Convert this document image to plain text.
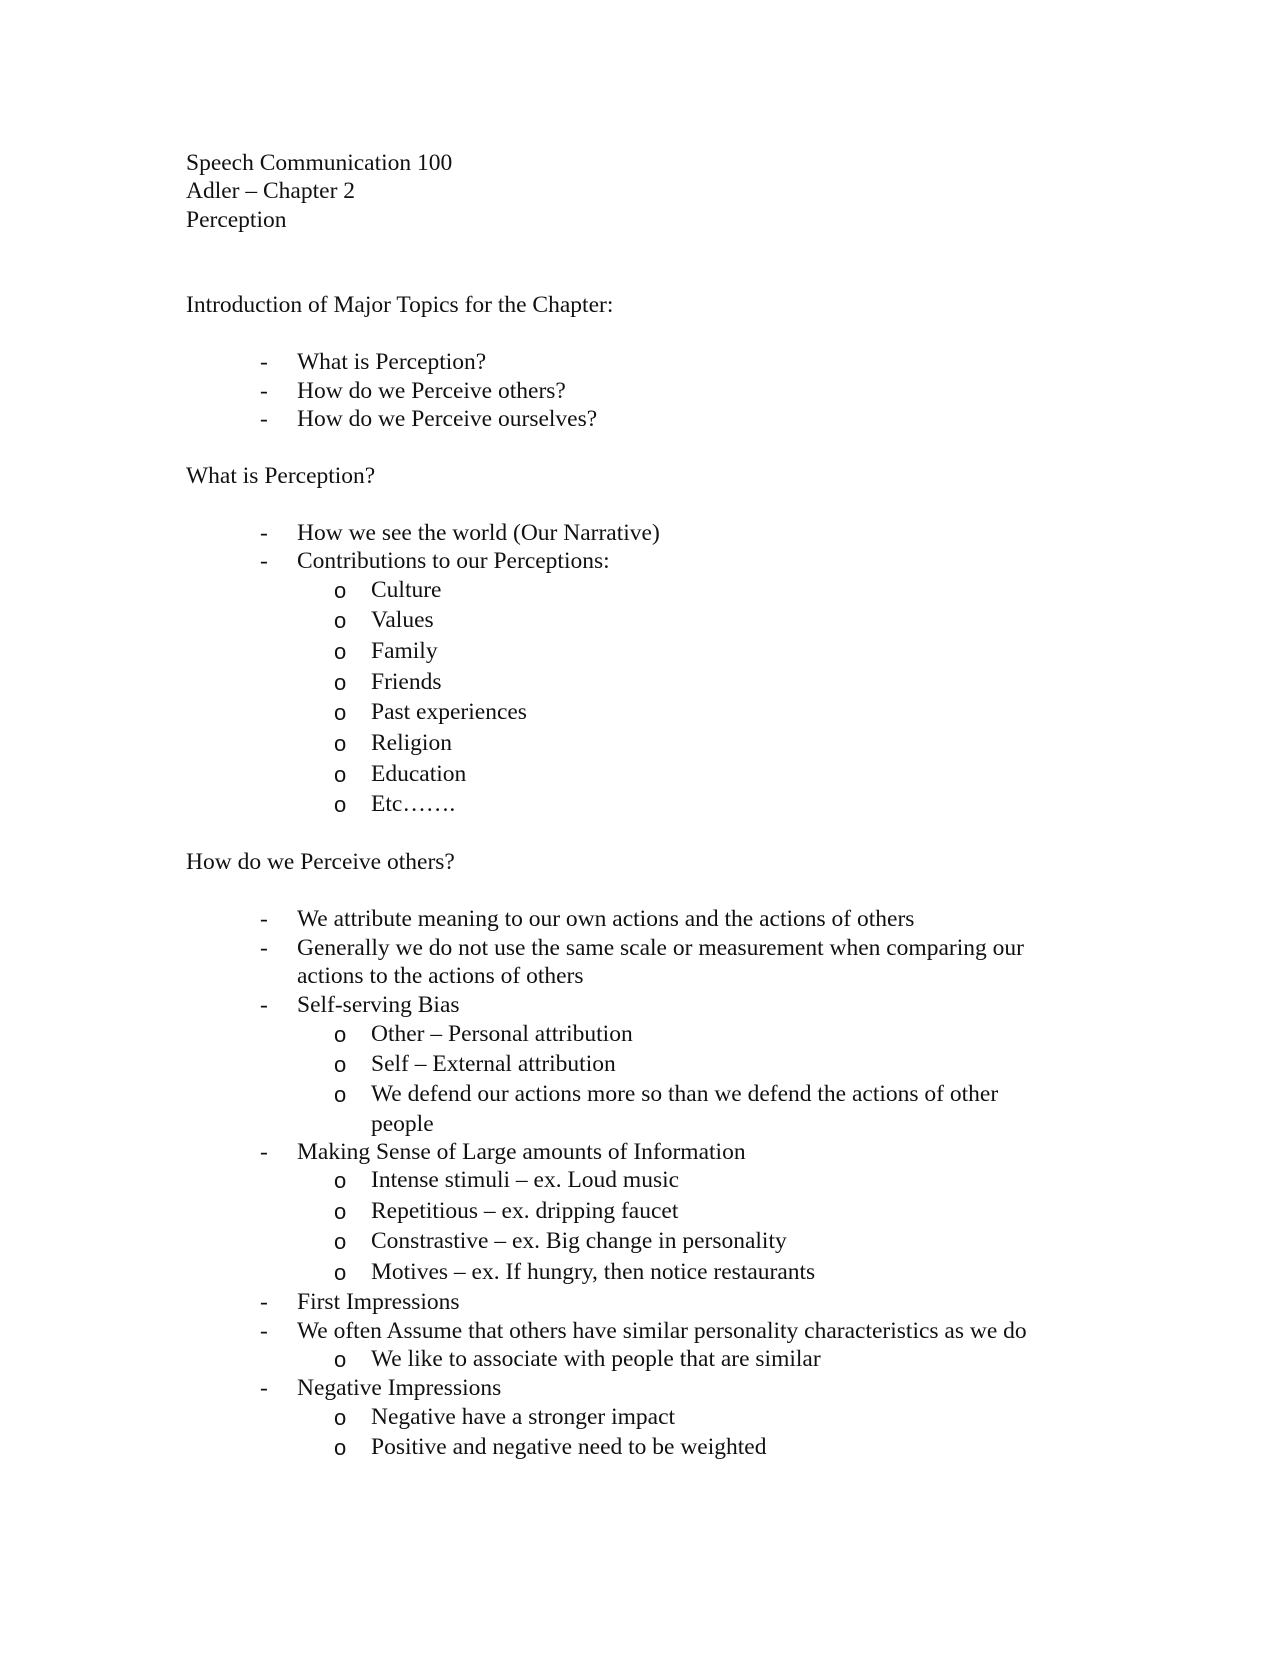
Speech Communication 100
Adler – Chapter 2
Perception
Introduction of Major Topics for the Chapter:
- What is Perception?
- How do we Perceive others?
- How do we Perceive ourselves?
What is Perception?
- How we see the world (Our Narrative)
- Contributions to our Perceptions:
o Culture
o Values
o Family
o Friends
o Past experiences
o Religion
o Education
o Etc…….
How do we Perceive others?
- We attribute meaning to our own actions and the actions of others
- Generally we do not use the same scale or measurement when comparing our
actions to the actions of others
- Self-serving Bias
o Other – Personal attribution
o Self – External attribution
o We defend our actions more so than we defend the actions of other
people
- Making Sense of Large amounts of Information
o Intense stimuli – ex. Loud music
o Repetitious – ex. dripping faucet
o Constrastive – ex. Big change in personality
o Motives – ex. If hungry, then notice restaurants
- First Impressions
- We often Assume that others have similar personality characteristics as we do
o We like to associate with people that are similar
- Negative Impressions
o Negative have a stronger impact
o Positive and negative need to be weighted
